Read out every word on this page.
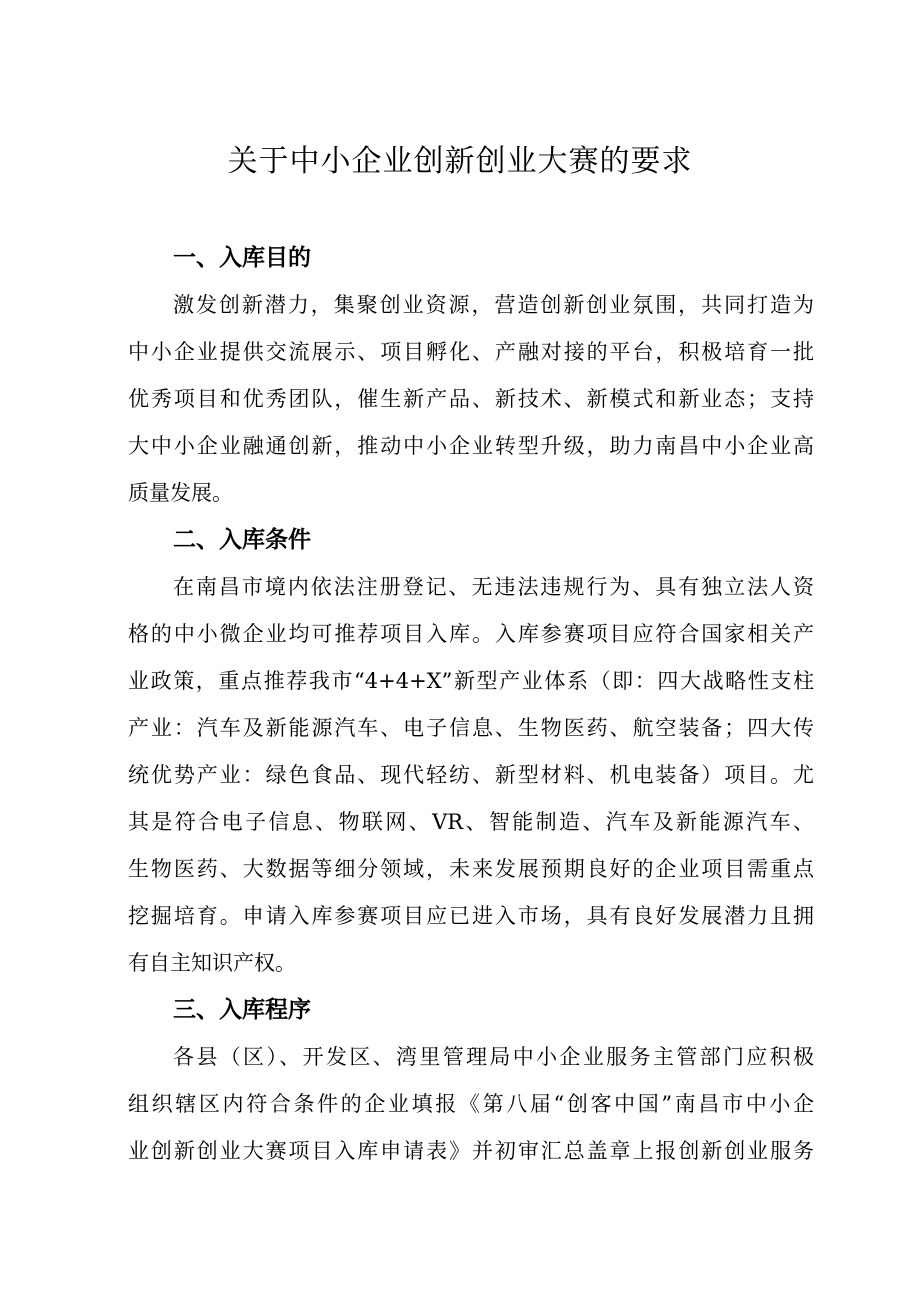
关于中小企业创新创业大赛的要求
一、入库目的

激发创新潜力，集聚创业资源，营造创新创业氛围，共同打造为
中小企业提供交流展示、项目孵化、产融对接的平台，积极培育一批
优秀项目和优秀团队，催生新产品、新技术、新模式和新业态；支持
大中小企业融通创新，推动中小企业转型升级，助力南昌中小企业高
质量发展。

二、入库条件

在南昌市境内依法注册登记、无违法违规行为、具有独立法人资
格的中小微企业均可推荐项目入库。入库参赛项目应符合国家相关产
业政策，重点推荐我市“4+4+X”新型产业体系（即：四大战略性支柱
产业：汽车及新能源汽车、电子信息、生物医药、航空装备；四大传
统优势产业：绿色食品、现代轻纺、新型材料、机电装备）项目。尤
其是符合电子信息、物联网、VR、智能制造、汽车及新能源汽车、
生物医药、大数据等细分领域，未来发展预期良好的企业项目需重点
挖掘培育。申请入库参赛项目应已进入市场，具有良好发展潜力且拥
有自主知识产权。

三、入库程序

各县（区）、开发区、湾里管理局中小企业服务主管部门应积极
组织辖区内符合条件的企业填报《第八届“创客中国”南昌市中小企
业创新创业大赛项目入库申请表》并初审汇总盖章上报创新创业服务
